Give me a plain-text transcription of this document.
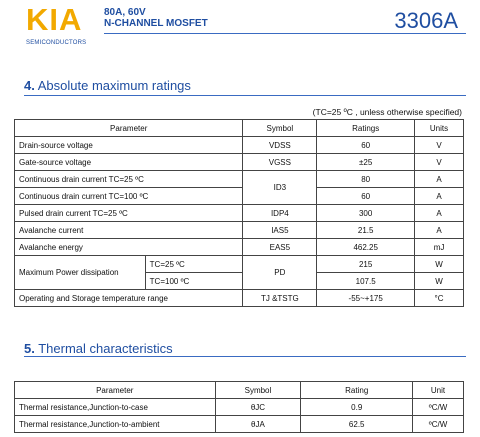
KIA
SEMICONDUCTORS
80A, 60V
N-CHANNEL MOSFET	3306A
4. Absolute maximum ratings
(TC=25 ºC , unless otherwise specified)
Parameter		Symbol	Ratings	Units
Drain-source voltage		VDSS	60	V
Gate-source voltage		VGSS	±25	V
Continuous drain current TC=25 ºC		ID3	80	A
Continuous drain current TC=100 ºC			60	A
Pulsed drain current TC=25 ºC		IDP4	300	A
Avalanche current		IAS5	21.5	A
Avalanche energy		EAS5	462.25	mJ
Maximum Power dissipation	TC=25 ºC	PD	215	W
	TC=100 ºC		107.5	W
Operating and Storage temperature range		TJ &TSTG	-55~+175	°C
5. Thermal characteristics
Parameter	Symbol	Rating	Unit
Thermal resistance,Junction-to-case	θJC	0.9	ºC/W
Thermal resistance,Junction-to-ambient	θJA	62.5	ºC/W
